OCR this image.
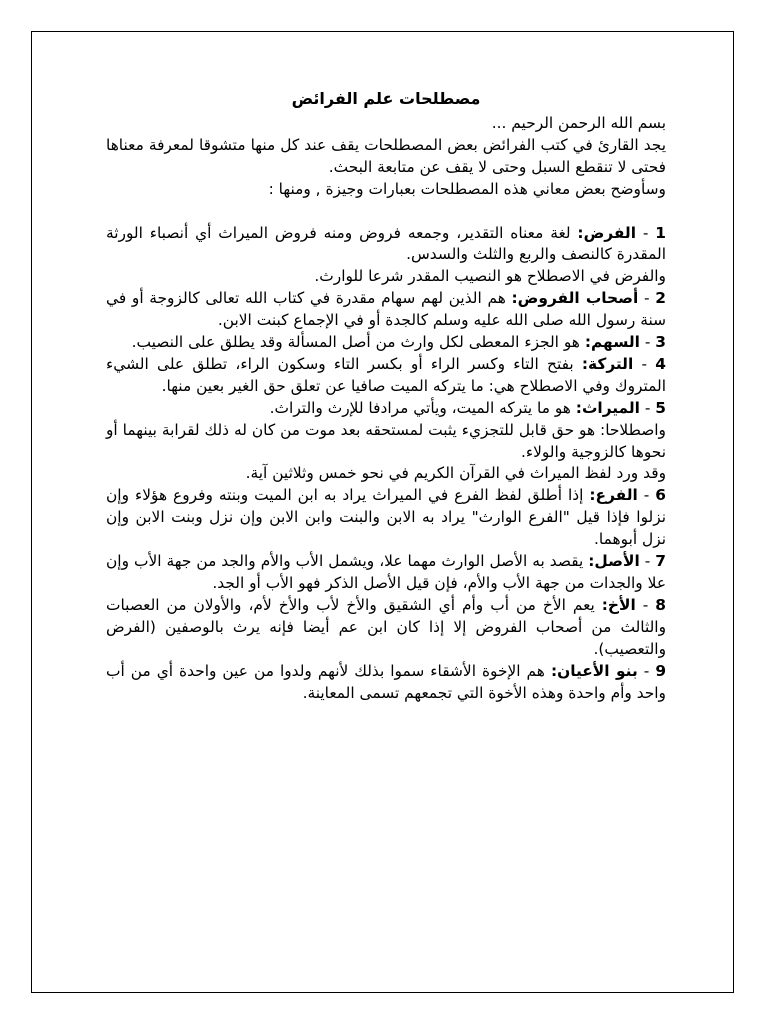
مصطلحات علم الفرائض

بسم الله الرحمن الرحيم ...

يجد القارئ في كتب الفرائض بعض المصطلحات يقف عند كل منها متشوقا لمعرفة معناها فحتى لا تنقطع السبل وحتى لا يقف عن متابعة البحث.

وسأوضح بعض معاني هذه المصطلحات بعبارات وجيزة , ومنها :

1 - الفرض: لغة معناه التقدير، وجمعه فروض ومنه فروض الميراث أي أنصباء الورثة المقدرة كالنصف والربع والثلث والسدس.

والفرض في الاصطلاح هو النصيب المقدر شرعا للوارث.

2 - أصحاب الفروض: هم الذين لهم سهام مقدرة في كتاب الله تعالى كالزوجة أو في سنة رسول الله صلى الله عليه وسلم كالجدة أو في الإجماع كبنت الابن.

3 - السهم: هو الجزء المعطى لكل وارث من أصل المسألة وقد يطلق على النصيب.

4 - التركة: بفتح التاء وكسر الراء أو بكسر التاء وسكون الراء، تطلق على الشيء المتروك وفي الاصطلاح هي: ما يتركه الميت صافيا عن تعلق حق الغير بعين منها.

5 - الميراث: هو ما يتركه الميت، ويأتي مرادفا للإرث والتراث.

واصطلاحا: هو حق قابل للتجزيء يثبت لمستحقه بعد موت من كان له ذلك لقرابة بينهما أو نحوها كالزوجية والولاء.

وقد ورد لفظ الميراث في القرآن الكريم في نحو خمس وثلاثين آية.

6 - الفرع: إذا أطلق لفظ الفرع في الميراث يراد به ابن الميت وبنته وفروع هؤلاء وإن نزلوا فإذا قيل "الفرع الوارث" يراد به الابن والبنت وابن الابن وإن نزل وبنت الابن وإن نزل أبوهما.

7 - الأصل: يقصد به الأصل الوارث مهما علا، ويشمل الأب والأم والجد من جهة الأب وإن علا والجدات من جهة الأب والأم، فإن قيل الأصل الذكر فهو الأب أو الجد.

8 - الأخ: يعم الأخ من أب وأم أي الشقيق والأخ لأب والأخ لأم، والأولان من العصبات والثالث من أصحاب الفروض إلا إذا كان ابن عم أيضا فإنه يرث بالوصفين (الفرض والتعصيب).

9 - بنو الأعيان: هم الإخوة الأشقاء سموا بذلك لأنهم ولدوا من عين واحدة أي من أب واحد وأم واحدة وهذه الأخوة التي تجمعهم تسمى المعاينة.
